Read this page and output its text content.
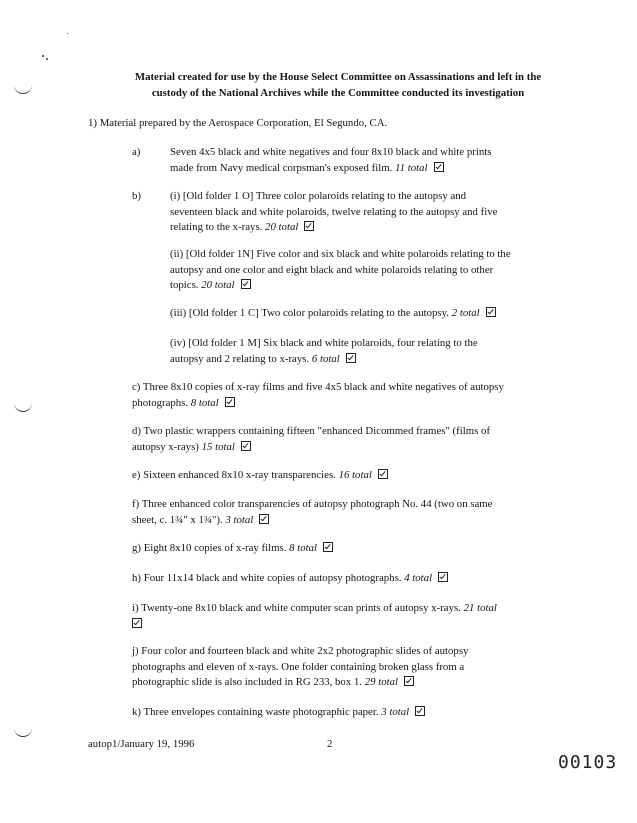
Material created for use by the House Select Committee on Assassinations and left in the
custody of the National Archives while the Committee conducted its investigation
1) Material prepared by the Aerospace Corporation, El Segundo, CA.
a)	Seven 4x5 black and white negatives and four 8x10 black and white prints
made from Navy medical corpsman's exposed film. 11 total
b)	(i) [Old folder 1 O] Three color polaroids relating to the autopsy and
seventeen black and white polaroids, twelve relating to the autopsy and five
relating to the x-rays. 20 total
(ii) [Old folder 1N] Five color and six black and white polaroids relating to the
autopsy and one color and eight black and white polaroids relating to other
topics. 20 total
(iii) [Old folder 1 C] Two color polaroids relating to the autopsy. 2 total
(iv) [Old folder 1 M] Six black and white polaroids, four relating to the
autopsy and 2 relating to x-rays. 6 total
c) Three 8x10 copies of x-ray films and five 4x5 black and white negatives of autopsy
photographs. 8 total
d) Two plastic wrappers containing fifteen "enhanced Dicommed frames" (films of
autopsy x-rays) 15 total
e) Sixteen enhanced 8x10 x-ray transparencies. 16 total
f) Three enhanced color transparencies of autopsy photograph No. 44 (two on same
sheet, c. 1¾" x 1¾"). 3 total
g) Eight 8x10 copies of x-ray films. 8 total
h) Four 11x14 black and white copies of autopsy photographs. 4 total
i) Twenty-one 8x10 black and white computer scan prints of autopsy x-rays. 21 total
j) Four color and fourteen black and white 2x2 photographic slides of autopsy
photographs and eleven of x-rays. One folder containing broken glass from a
photographic slide is also included in RG 233, box 1. 29 total
k) Three envelopes containing waste photographic paper. 3 total
autop1/January 19, 1996	2
00103
